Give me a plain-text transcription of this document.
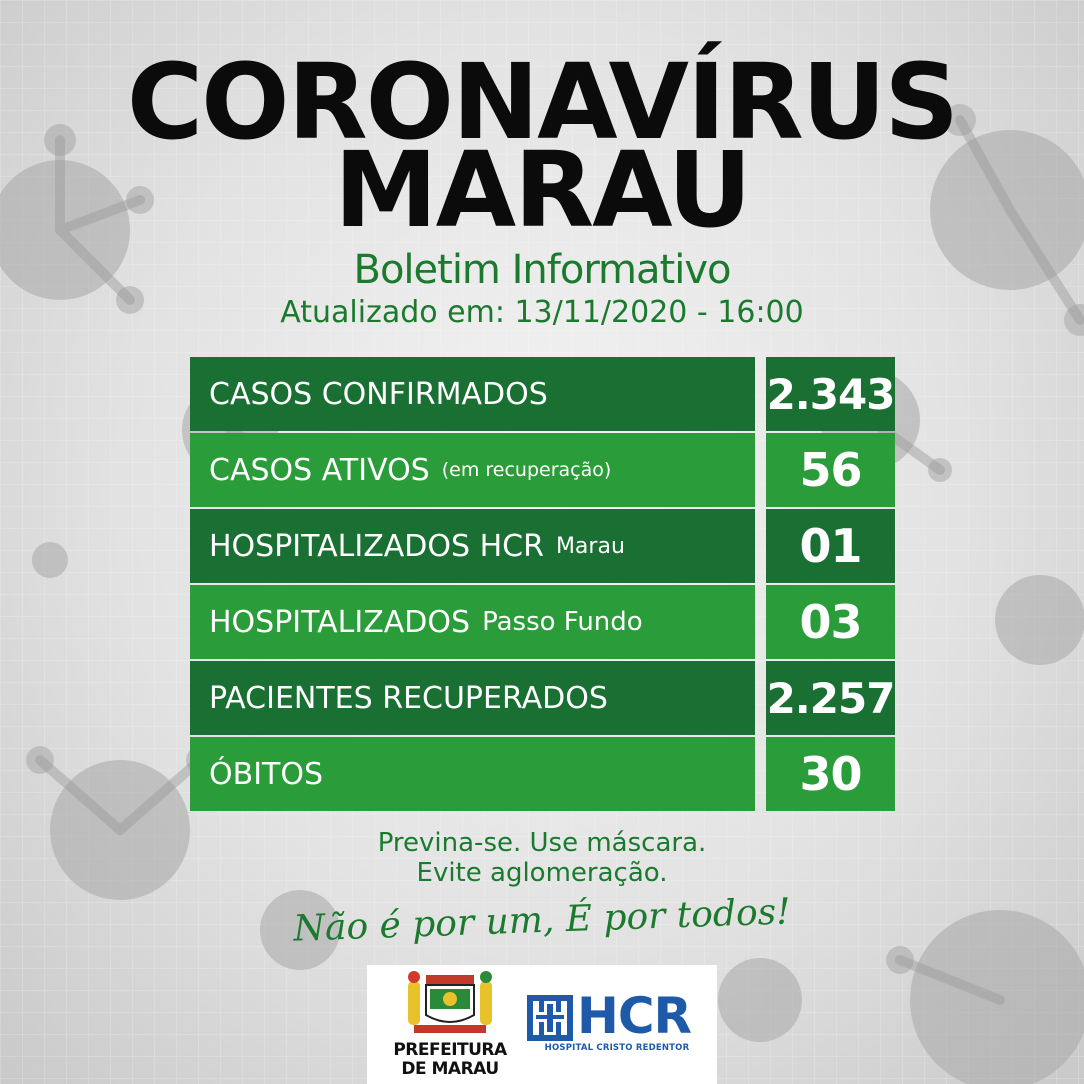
CORONAVÍRUS
MARAU
Boletim Informativo
Atualizado em: 13/11/2020 - 16:00
CASOS CONFIRMADOS	2.343
CASOS ATIVOS (em recuperação)	56
HOSPITALIZADOS HCR Marau	01
HOSPITALIZADOS Passo Fundo	03
PACIENTES RECUPERADOS	2.257
ÓBITOS	30
Previna-se. Use máscara.
Evite aglomeração.
Não é por um, É por todos!
PREFEITURA
DE MARAU
HCR
HOSPITAL CRISTO REDENTOR
